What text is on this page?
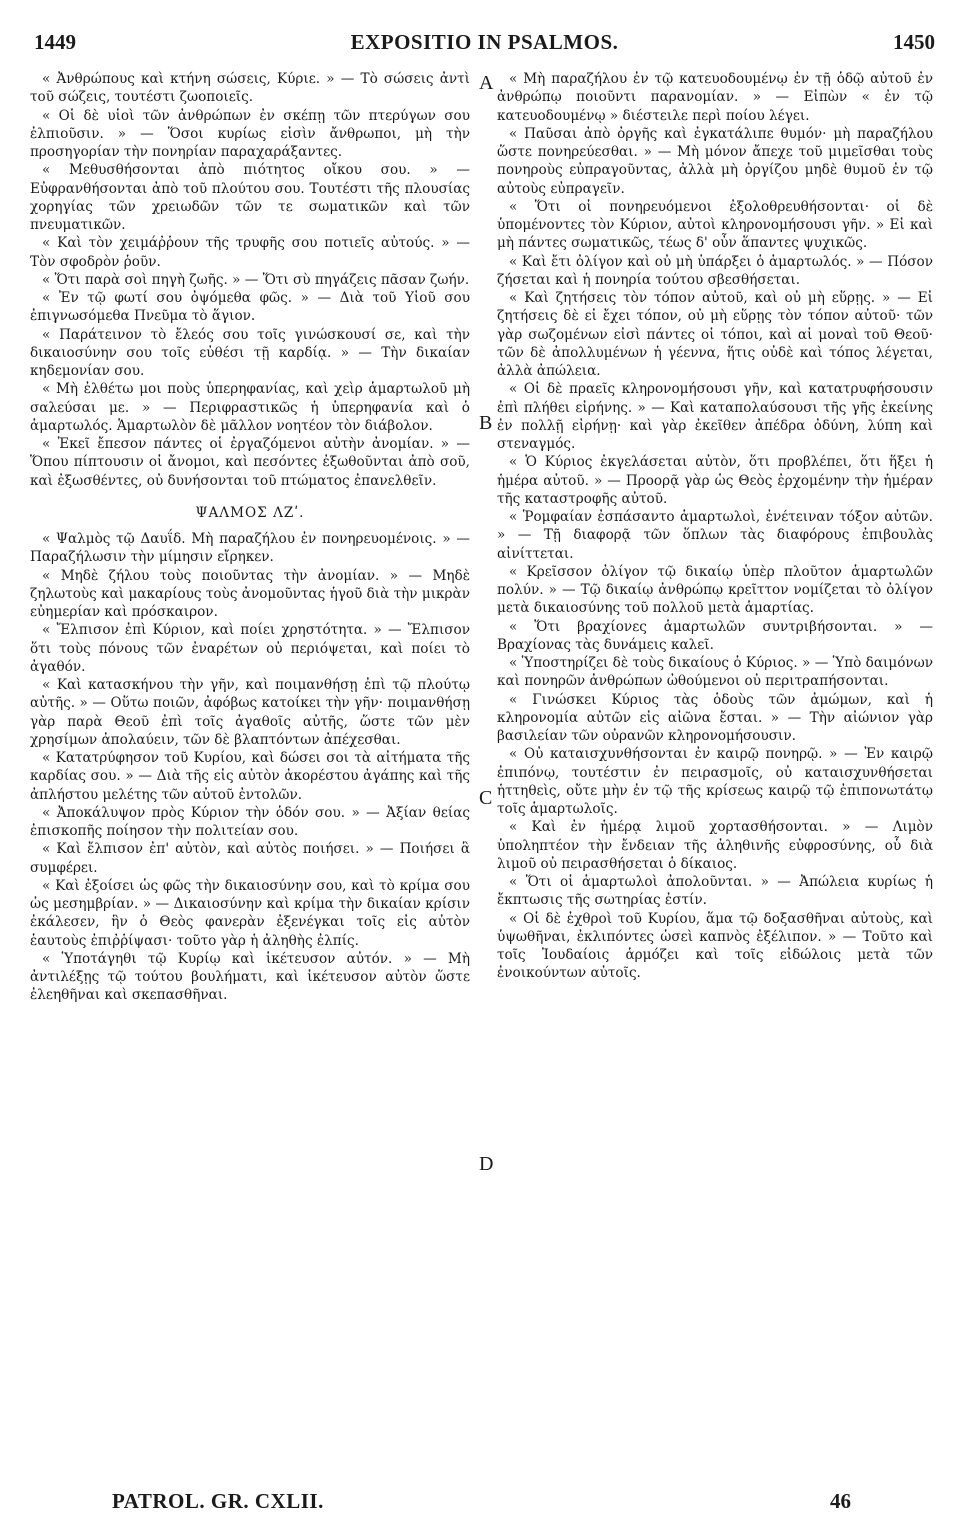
1449	EXPOSITIO IN PSALMOS.	1450

« Ἀνθρώπους καὶ κτήνη σώσεις, Κύριε. » — Τὸ σώσεις ἀντὶ τοῦ σώζεις, τουτέστι ζωοποιεῖς.

« Οἱ δὲ υἱοὶ τῶν ἀνθρώπων ἐν σκέπῃ τῶν πτερύγων σου ἐλπιοῦσιν. » — Ὅσοι κυρίως εἰσὶν ἄνθρωποι, μὴ τὴν προσηγορίαν τὴν πονηρίαν παραχαράξαντες.

« Μεθυσθήσονται ἀπὸ πιότητος οἴκου σου. » — Εὐφρανθήσονται ἀπὸ τοῦ πλούτου σου. Τουτέστι τῆς πλουσίας χορηγίας τῶν χρειωδῶν τῶν τε σωματικῶν καὶ τῶν πνευματικῶν.

« Καὶ τὸν χειμάῤῥουν τῆς τρυφῆς σου ποτιεῖς αὐτούς. » — Τὸν σφοδρὸν ῥοῦν.

« Ὅτι παρὰ σοὶ πηγὴ ζωῆς. » — Ὅτι σὺ πηγάζεις πᾶσαν ζωήν.

« Ἐν τῷ φωτί σου ὀψόμεθα φῶς. » — Διὰ τοῦ Υἱοῦ σου ἐπιγνωσόμεθα Πνεῦμα τὸ ἅγιον.

« Παράτεινον τὸ ἔλεός σου τοῖς γινώσκουσί σε, καὶ τὴν δικαιοσύνην σου τοῖς εὐθέσι τῇ καρδίᾳ. » — Τὴν δικαίαν κηδεμονίαν σου.

« Μὴ ἐλθέτω μοι ποὺς ὑπερηφανίας, καὶ χεὶρ ἁμαρτωλοῦ μὴ σαλεύσαι με. » — Περιφραστικῶς ἡ ὑπερηφανία καὶ ὁ ἁμαρτωλός. Ἁμαρτωλὸν δὲ μᾶλλον νοητέον τὸν διάβολον.

« Ἐκεῖ ἔπεσον πάντες οἱ ἐργαζόμενοι αὐτὴν ἀνομίαν. » — Ὅπου πίπτουσιν οἱ ἄνομοι, καὶ πεσόντες ἐξωθοῦνται ἀπὸ σοῦ, καὶ ἐξωσθέντες, οὐ δυνήσονται τοῦ πτώματος ἐπανελθεῖν.

ΨΑΛΜΟΣ ΛΖʹ.

« Ψαλμὸς τῷ Δαυΐδ. Μὴ παραζήλου ἐν πονηρευομένοις. » — Παραζήλωσιν τὴν μίμησιν εἴρηκεν.

« Μηδὲ ζήλου τοὺς ποιοῦντας τὴν ἀνομίαν. » — Μηδὲ ζηλωτοὺς καὶ μακαρίους τοὺς ἀνομοῦντας ἡγοῦ διὰ τὴν μικρὰν εὐημερίαν καὶ πρόσκαιρον.

« Ἔλπισον ἐπὶ Κύριον, καὶ ποίει χρηστότητα. » — Ἔλπισον ὅτι τοὺς πόνους τῶν ἐναρέτων οὐ περιόψεται, καὶ ποίει τὸ ἀγαθόν.

« Καὶ κατασκήνου τὴν γῆν, καὶ ποιμανθήσῃ ἐπὶ τῷ πλούτῳ αὐτῆς. » — Οὕτω ποιῶν, ἀφόβως κατοίκει τὴν γῆν· ποιμανθήσῃ γὰρ παρὰ Θεοῦ ἐπὶ τοῖς ἀγαθοῖς αὐτῆς, ὥστε τῶν μὲν χρησίμων ἀπολαύειν, τῶν δὲ βλαπτόντων ἀπέχεσθαι.

« Κατατρύφησον τοῦ Κυρίου, καὶ δώσει σοι τὰ αἰτήματα τῆς καρδίας σου. » — Διὰ τῆς εἰς αὐτὸν ἀκορέστου ἀγάπης καὶ τῆς ἀπλήστου μελέτης τῶν αὐτοῦ ἐντολῶν.

« Ἀποκάλυψον πρὸς Κύριον τὴν ὁδόν σου. » — Ἀξίαν θείας ἐπισκοπῆς ποίησον τὴν πολιτείαν σου.

« Καὶ ἔλπισον ἐπ' αὐτὸν, καὶ αὐτὸς ποιήσει. » — Ποιήσει ἃ συμφέρει.

« Καὶ ἐξοίσει ὡς φῶς τὴν δικαιοσύνην σου, καὶ τὸ κρίμα σου ὡς μεσημβρίαν. » — Δικαιοσύνην καὶ κρίμα τὴν δικαίαν κρίσιν ἐκάλεσεν, ἣν ὁ Θεὸς φανερὰν ἐξενέγκαι τοῖς εἰς αὐτὸν ἑαυτοὺς ἐπιῤῥίψασι· τοῦτο γὰρ ἡ ἀληθὴς ἐλπίς.

« Ὑποτάγηθι τῷ Κυρίῳ καὶ ἱκέτευσον αὐτόν. » — Μὴ ἀντιλέξῃς τῷ τούτου βουλήματι, καὶ ἱκέτευσον αὐτὸν ὥστε ἐλεηθῆναι καὶ σκεπασθῆναι.

« Μὴ παραζήλου ἐν τῷ κατευοδουμένῳ ἐν τῇ ὁδῷ αὐτοῦ ἐν ἀνθρώπῳ ποιοῦντι παρανομίαν. » — Εἰπὼν « ἐν τῷ κατευοδουμένῳ » διέστειλε περὶ ποίου λέγει.

« Παῦσαι ἀπὸ ὀργῆς καὶ ἐγκατάλιπε θυμόν· μὴ παραζήλου ὥστε πονηρεύεσθαι. » — Μὴ μόνον ἄπεχε τοῦ μιμεῖσθαι τοὺς πονηροὺς εὐπραγοῦντας, ἀλλὰ μὴ ὀργίζου μηδὲ θυμοῦ ἐν τῷ αὐτοὺς εὐπραγεῖν.

« Ὅτι οἱ πονηρευόμενοι ἐξολοθρευθήσονται· οἱ δὲ ὑπομένοντες τὸν Κύριον, αὐτοὶ κληρονομήσουσι γῆν. » Εἰ καὶ μὴ πάντες σωματικῶς, τέως δ' οὖν ἅπαντες ψυχικῶς.

« Καὶ ἔτι ὀλίγον καὶ οὐ μὴ ὑπάρξει ὁ ἁμαρτωλός. » — Πόσον ζήσεται καὶ ἡ πονηρία τούτου σβεσθήσεται.

« Καὶ ζητήσεις τὸν τόπον αὐτοῦ, καὶ οὐ μὴ εὕρῃς. » — Εἰ ζητήσεις δὲ εἰ ἔχει τόπον, οὐ μὴ εὕρῃς τὸν τόπον αὐτοῦ· τῶν γὰρ σωζομένων εἰσὶ πάντες οἱ τόποι, καὶ αἱ μοναὶ τοῦ Θεοῦ· τῶν δὲ ἀπολλυμένων ἡ γέεννα, ἥτις οὐδὲ καὶ τόπος λέγεται, ἀλλὰ ἀπώλεια.

« Οἱ δὲ πραεῖς κληρονομήσουσι γῆν, καὶ κατατρυφήσουσιν ἐπὶ πλήθει εἰρήνης. » — Καὶ καταπολαύσουσι τῆς γῆς ἐκείνης ἐν πολλῇ εἰρήνῃ· καὶ γὰρ ἐκεῖθεν ἀπέδρα ὀδύνη, λύπη καὶ στεναγμός.

« Ὁ Κύριος ἐκγελάσεται αὐτὸν, ὅτι προβλέπει, ὅτι ἥξει ἡ ἡμέρα αὐτοῦ. » — Προορᾷ γὰρ ὡς Θεὸς ἐρχομένην τὴν ἡμέραν τῆς καταστροφῆς αὐτοῦ.

« Ῥομφαίαν ἐσπάσαντο ἁμαρτωλοὶ, ἐνέτειναν τόξον αὐτῶν. » — Τῇ διαφορᾷ τῶν ὅπλων τὰς διαφόρους ἐπιβουλὰς αἰνίττεται.

« Κρεῖσσον ὀλίγον τῷ δικαίῳ ὑπὲρ πλοῦτον ἁμαρτωλῶν πολύν. » — Τῷ δικαίῳ ἀνθρώπῳ κρεῖττον νομίζεται τὸ ὀλίγον μετὰ δικαιοσύνης τοῦ πολλοῦ μετὰ ἁμαρτίας.

« Ὅτι βραχίονες ἁμαρτωλῶν συντριβήσονται. » — Βραχίονας τὰς δυνάμεις καλεῖ.

« Ὑποστηρίζει δὲ τοὺς δικαίους ὁ Κύριος. » — Ὑπὸ δαιμόνων καὶ πονηρῶν ἀνθρώπων ὠθούμενοι οὐ περιτραπήσονται.

« Γινώσκει Κύριος τὰς ὁδοὺς τῶν ἀμώμων, καὶ ἡ κληρονομία αὐτῶν εἰς αἰῶνα ἔσται. » — Τὴν αἰώνιον γὰρ βασιλείαν τῶν οὐρανῶν κληρονομήσουσιν.

« Οὐ καταισχυνθήσονται ἐν καιρῷ πονηρῷ. » — Ἐν καιρῷ ἐπιπόνῳ, τουτέστιν ἐν πειρασμοῖς, οὐ καταισχυνθήσεται ἡττηθεὶς, οὔτε μὴν ἐν τῷ τῆς κρίσεως καιρῷ τῷ ἐπιπονωτάτῳ τοῖς ἁμαρτωλοῖς.

« Καὶ ἐν ἡμέρᾳ λιμοῦ χορτασθήσονται. » — Λιμὸν ὑποληπτέον τὴν ἔνδειαν τῆς ἀληθινῆς εὐφροσύνης, οὗ διὰ λιμοῦ οὐ πειρασθήσεται ὁ δίκαιος.

« Ὅτι οἱ ἁμαρτωλοὶ ἀπολοῦνται. » — Ἀπώλεια κυρίως ἡ ἔκπτωσις τῆς σωτηρίας ἐστίν.

« Οἱ δὲ ἐχθροὶ τοῦ Κυρίου, ἅμα τῷ δοξασθῆναι αὐτοὺς, καὶ ὑψωθῆναι, ἐκλιπόντες ὡσεὶ καπνὸς ἐξέλιπον. » — Τοῦτο καὶ τοῖς Ἰουδαίοις ἁρμόζει καὶ τοῖς εἰδώλοις μετὰ τῶν ἐνοικούντων αὐτοῖς.

A
B
C
D
PATROL. GR. CXLII.	46
